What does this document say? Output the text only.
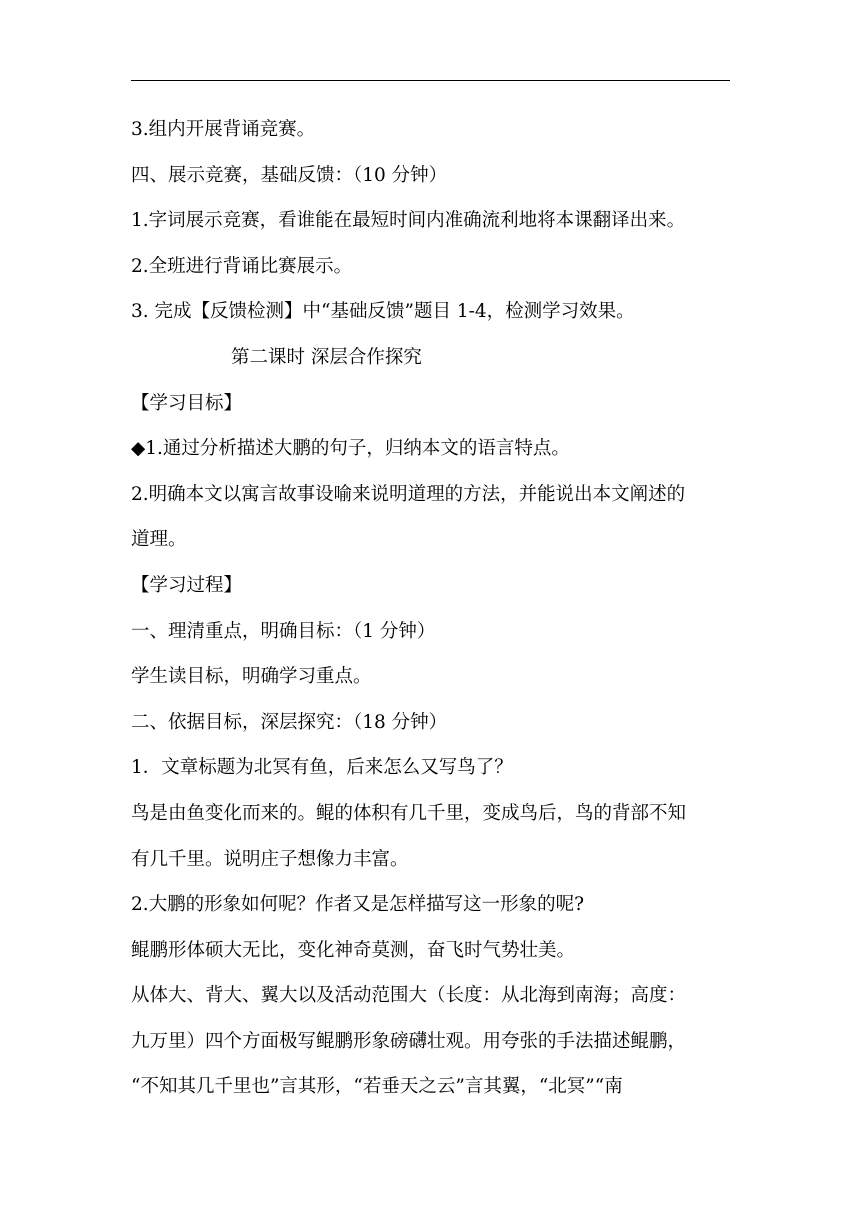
3.组内开展背诵竞赛。
四、展示竞赛，基础反馈：（10 分钟）
1.字词展示竞赛，看谁能在最短时间内准确流利地将本课翻译出来。
2.全班进行背诵比赛展示。
3. 完成【反馈检测】中“基础反馈”题目 1-4，检测学习效果。
第二课时 深层合作探究
【学习目标】
◆1.通过分析描述大鹏的句子，归纳本文的语言特点。
2.明确本文以寓言故事设喻来说明道理的方法，并能说出本文阐述的
道理。
【学习过程】
一、理清重点，明确目标：（1 分钟）
学生读目标，明确学习重点。
二、依据目标，深层探究：（18 分钟）
1．文章标题为北冥有鱼，后来怎么又写鸟了？
鸟是由鱼变化而来的。鲲的体积有几千里，变成鸟后，鸟的背部不知
有几千里。说明庄子想像力丰富。
2.大鹏的形象如何呢？作者又是怎样描写这一形象的呢?
鲲鹏形体硕大无比，变化神奇莫测，奋飞时气势壮美。
从体大、背大、翼大以及活动范围大（长度：从北海到南海；高度：
九万里）四个方面极写鲲鹏形象磅礴壮观。用夸张的手法描述鲲鹏，
“不知其几千里也”言其形，“若垂天之云”言其翼，“北冥”“南
